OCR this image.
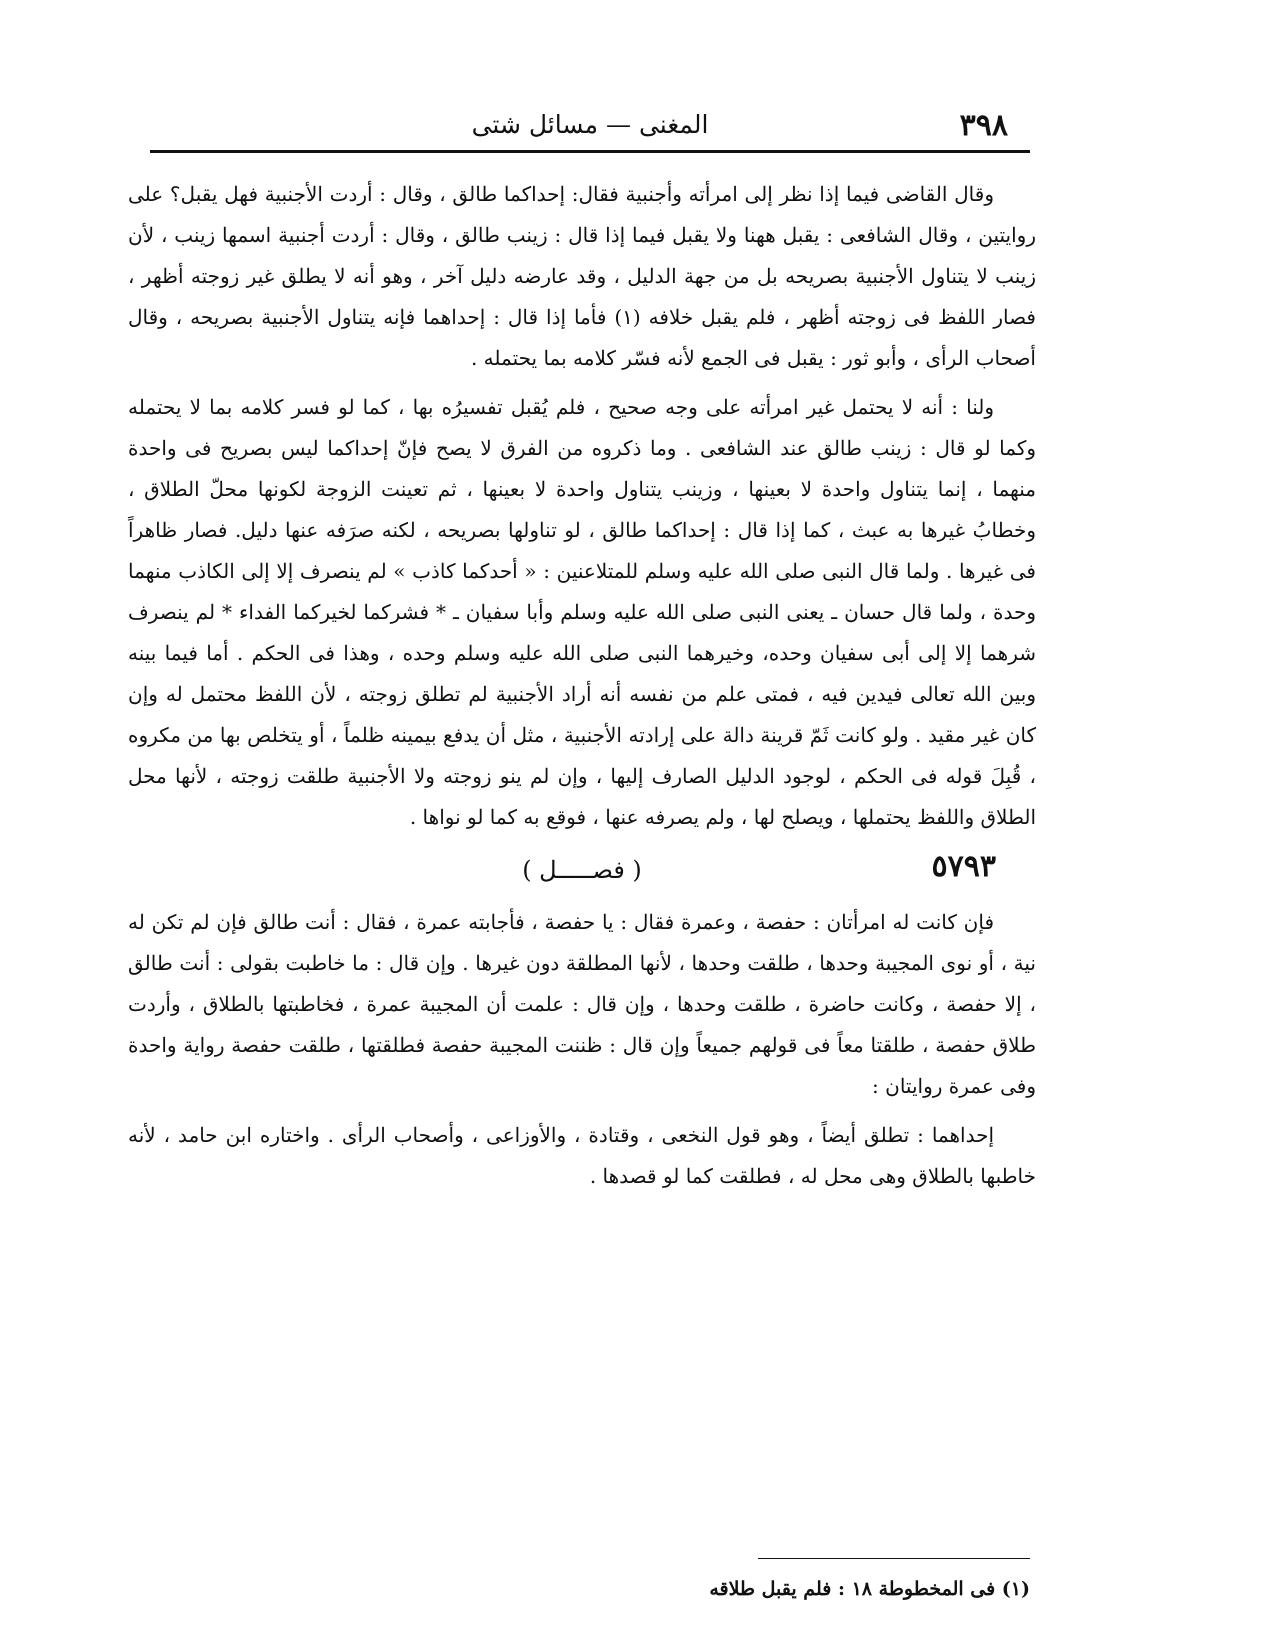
٣٩٨
المغنى — مسائل شتى

وقال القاضى فيما إذا نظر إلى امرأته وأجنبية فقال: إحداكما طالق ، وقال : أردت الأجنبية فهل يقبل؟ على روايتين ، وقال الشافعى : يقبل ههنا ولا يقبل فيما إذا قال : زينب طالق ، وقال : أردت أجنبية اسمها زينب ، لأن زينب لا يتناول الأجنبية بصريحه بل من جهة الدليل ، وقد عارضه دليل آخر ، وهو أنه لا يطلق غير زوجته أظهر ، فصار اللفظ فى زوجته أظهر ، فلم يقبل خلافه (١) فأما إذا قال : إحداهما فإنه يتناول الأجنبية بصريحه ، وقال أصحاب الرأى ، وأبو ثور : يقبل فى الجمع لأنه فسّر كلامه بما يحتمله .

ولنا : أنه لا يحتمل غير امرأته على وجه صحيح ، فلم يُقبل تفسيرُه بها ، كما لو فسر كلامه بما لا يحتمله وكما لو قال : زينب طالق عند الشافعى . وما ذكروه من الفرق لا يصح فإنّ إحداكما ليس بصريح فى واحدة منهما ، إنما يتناول واحدة لا بعينها ، وزينب يتناول واحدة لا بعينها ، ثم تعينت الزوجة لكونها محلّ الطلاق ، وخطابُ غيرها به عبث ، كما إذا قال : إحداكما طالق ، لو تناولها بصريحه ، لكنه صرَفه عنها دليل. فصار ظاهراً فى غيرها . ولما قال النبى صلى الله عليه وسلم للمتلاعنين : « أحدكما كاذب » لم ينصرف إلا إلى الكاذب منهما وحدة ، ولما قال حسان ـ يعنى النبى صلى الله عليه وسلم وأبا سفيان ـ * فشركما لخيركما الفداء * لم ينصرف شرهما إلا إلى أبى سفيان وحده، وخيرهما النبى صلى الله عليه وسلم وحده ، وهذا فى الحكم . أما فيما بينه وبين الله تعالى فيدين فيه ، فمتى علم من نفسه أنه أراد الأجنبية لم تطلق زوجته ، لأن اللفظ محتمل له وإن كان غير مقيد . ولو كانت ثَمّ قرينة دالة على إرادته الأجنبية ، مثل أن يدفع بيمينه ظلماً ، أو يتخلص بها من مكروه ، قُبِلَ قوله فى الحكم ، لوجود الدليل الصارف إليها ، وإن لم ينو زوجته ولا الأجنبية طلقت زوجته ، لأنها محل الطلاق واللفظ يحتملها ، ويصلح لها ، ولم يصرفه عنها ، فوقع به كما لو نواها .

٥٧٩٣
( فصـــــل )

فإن كانت له امرأتان : حفصة ، وعمرة فقال : يا حفصة ، فأجابته عمرة ، فقال : أنت طالق فإن لم تكن له نية ، أو نوى المجيبة وحدها ، طلقت وحدها ، لأنها المطلقة دون غيرها . وإن قال : ما خاطبت بقولى : أنت طالق ، إلا حفصة ، وكانت حاضرة ، طلقت وحدها ، وإن قال : علمت أن المجيبة عمرة ، فخاطبتها بالطلاق ، وأردت طلاق حفصة ، طلقتا معاً فى قولهم جميعاً وإن قال : ظننت المجيبة حفصة فطلقتها ، طلقت حفصة رواية واحدة وفى عمرة روايتان :

إحداهما : تطلق أيضاً ، وهو قول النخعى ، وقتادة ، والأوزاعى ، وأصحاب الرأى . واختاره ابن حامد ، لأنه خاطبها بالطلاق وهى محل له ، فطلقت كما لو قصدها .

(١) فى المخطوطة ١٨ : فلم يقبل طلاقه
